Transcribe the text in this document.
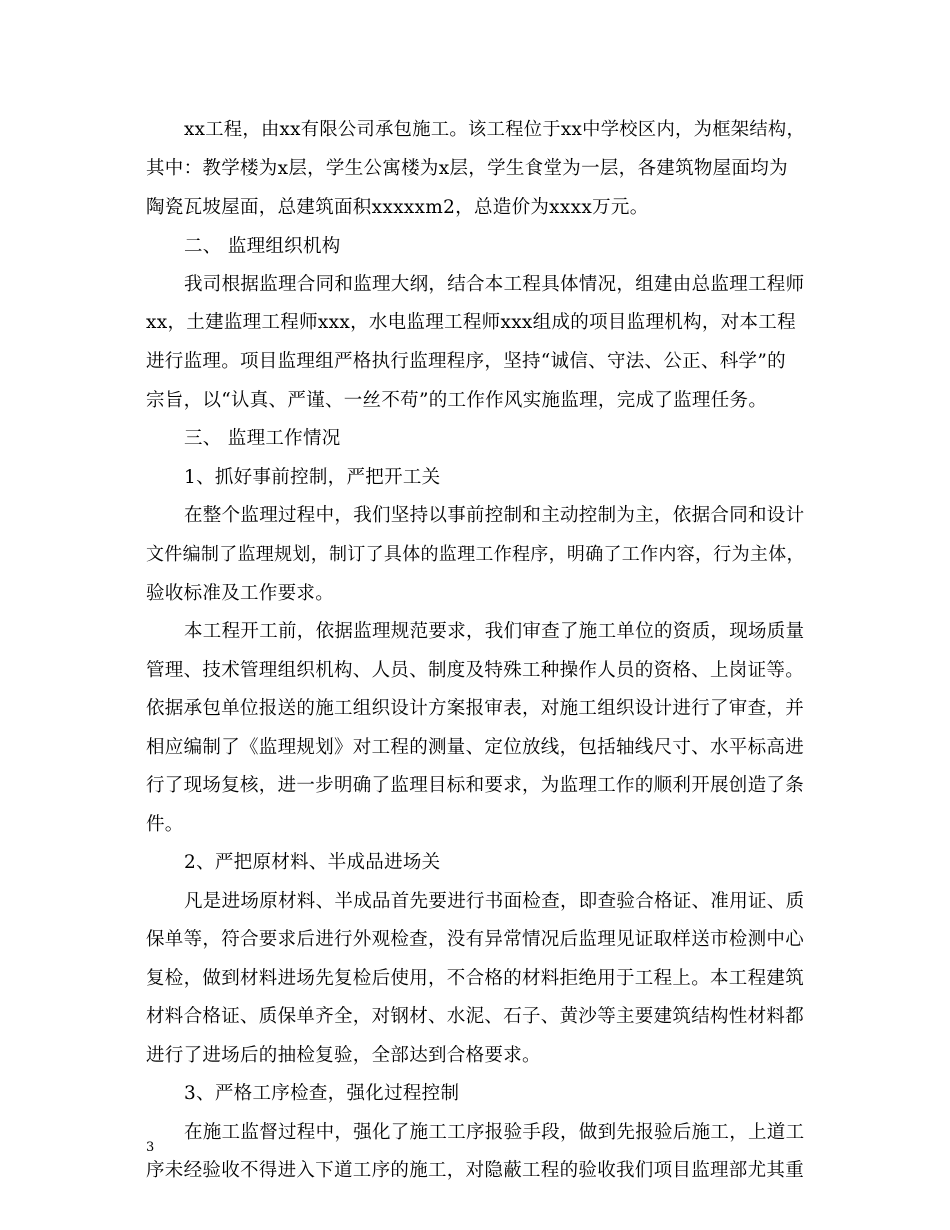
xx工程，由xx有限公司承包施工。该工程位于xx中学校区内，为框架结构，
其中：教学楼为x层，学生公寓楼为x层，学生食堂为一层，各建筑物屋面均为
陶瓷瓦坡屋面，总建筑面积xxxxxm2，总造价为xxxx万元。
二、 监理组织机构
我司根据监理合同和监理大纲，结合本工程具体情况，组建由总监理工程师
xx，土建监理工程师xxx，水电监理工程师xxx组成的项目监理机构，对本工程
进行监理。项目监理组严格执行监理程序，坚持“诚信、守法、公正、科学”的
宗旨，以“认真、严谨、一丝不苟”的工作作风实施监理，完成了监理任务。
三、 监理工作情况
1、抓好事前控制，严把开工关
在整个监理过程中，我们坚持以事前控制和主动控制为主，依据合同和设计
文件编制了监理规划，制订了具体的监理工作程序，明确了工作内容，行为主体，
验收标准及工作要求。
本工程开工前，依据监理规范要求，我们审查了施工单位的资质，现场质量
管理、技术管理组织机构、人员、制度及特殊工种操作人员的资格、上岗证等。
依据承包单位报送的施工组织设计方案报审表，对施工组织设计进行了审查，并
相应编制了《监理规划》对工程的测量、定位放线，包括轴线尺寸、水平标高进
行了现场复核，进一步明确了监理目标和要求，为监理工作的顺利开展创造了条
件。
2、严把原材料、半成品进场关
凡是进场原材料、半成品首先要进行书面检查，即查验合格证、准用证、质
保单等，符合要求后进行外观检查，没有异常情况后监理见证取样送市检测中心
复检，做到材料进场先复检后使用，不合格的材料拒绝用于工程上。本工程建筑
材料合格证、质保单齐全，对钢材、水泥、石子、黄沙等主要建筑结构性材料都
进行了进场后的抽检复验，全部达到合格要求。
3、严格工序检查，强化过程控制
在施工监督过程中，强化了施工工序报验手段，做到先报验后施工，上道工
序未经验收不得进入下道工序的施工，对隐蔽工程的验收我们项目监理部尤其重
3
